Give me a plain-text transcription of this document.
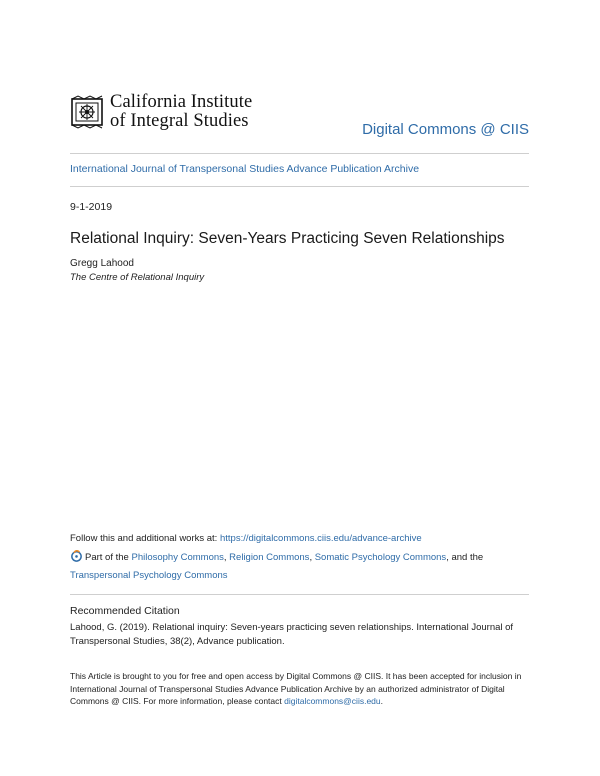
California Institute
of Integral Studies	Digital Commons @ CIIS
International Journal of Transpersonal Studies Advance Publication Archive
9-1-2019
Relational Inquiry: Seven-Years Practicing Seven Relationships
Gregg Lahood
The Centre of Relational Inquiry
Follow this and additional works at: https://digitalcommons.ciis.edu/advance-archive
Part of the Philosophy Commons, Religion Commons, Somatic Psychology Commons, and the Transpersonal Psychology Commons
Recommended Citation
Lahood, G. (2019). Relational inquiry: Seven-years practicing seven relationships. International Journal of Transpersonal Studies, 38(2), Advance publication.
This Article is brought to you for free and open access by Digital Commons @ CIIS. It has been accepted for inclusion in International Journal of Transpersonal Studies Advance Publication Archive by an authorized administrator of Digital Commons @ CIIS. For more information, please contact digitalcommons@ciis.edu.
